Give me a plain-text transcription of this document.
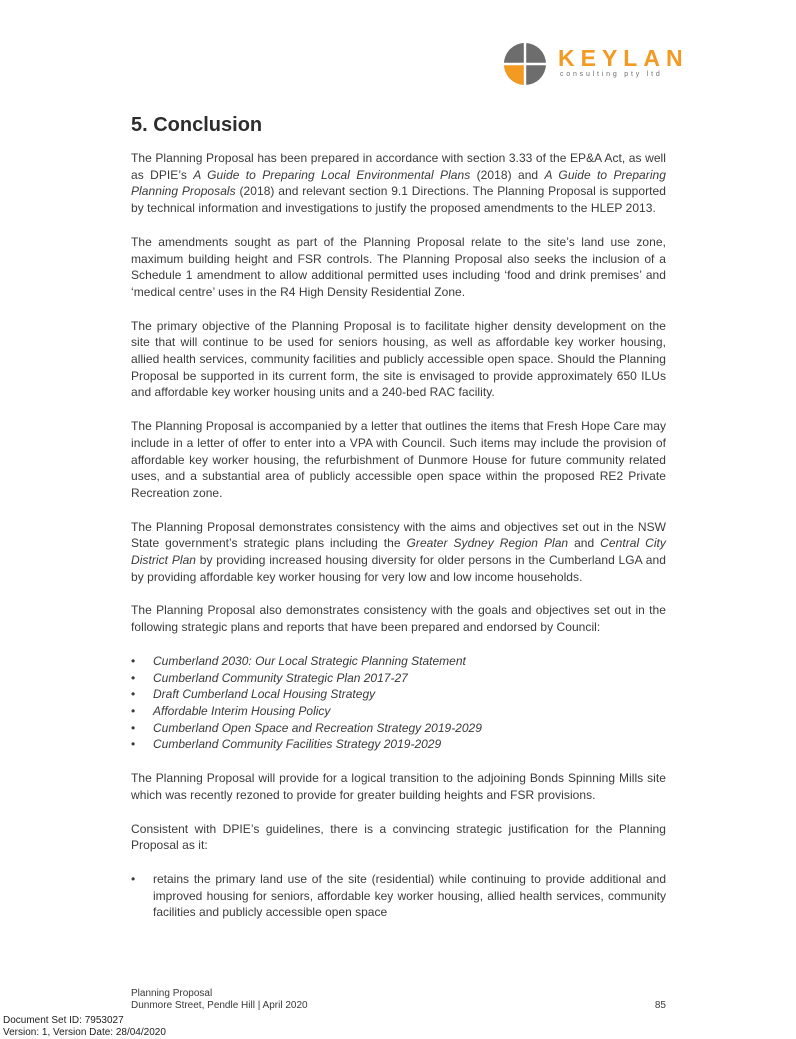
KEYLAN
consulting pty ltd
5. Conclusion

The Planning Proposal has been prepared in accordance with section 3.33 of the EP&A Act, as well as DPIE’s A Guide to Preparing Local Environmental Plans (2018) and A Guide to Preparing Planning Proposals (2018) and relevant section 9.1 Directions. The Planning Proposal is supported by technical information and investigations to justify the proposed amendments to the HLEP 2013.

The amendments sought as part of the Planning Proposal relate to the site’s land use zone, maximum building height and FSR controls. The Planning Proposal also seeks the inclusion of a Schedule 1 amendment to allow additional permitted uses including ‘food and drink premises’ and ‘medical centre’ uses in the R4 High Density Residential Zone.

The primary objective of the Planning Proposal is to facilitate higher density development on the site that will continue to be used for seniors housing, as well as affordable key worker housing, allied health services, community facilities and publicly accessible open space. Should the Planning Proposal be supported in its current form, the site is envisaged to provide approximately 650 ILUs and affordable key worker housing units and a 240-bed RAC facility.

The Planning Proposal is accompanied by a letter that outlines the items that Fresh Hope Care may include in a letter of offer to enter into a VPA with Council. Such items may include the provision of affordable key worker housing, the refurbishment of Dunmore House for future community related uses, and a substantial area of publicly accessible open space within the proposed RE2 Private Recreation zone.

The Planning Proposal demonstrates consistency with the aims and objectives set out in the NSW State government’s strategic plans including the Greater Sydney Region Plan and Central City District Plan by providing increased housing diversity for older persons in the Cumberland LGA and by providing affordable key worker housing for very low and low income households.

The Planning Proposal also demonstrates consistency with the goals and objectives set out in the following strategic plans and reports that have been prepared and endorsed by Council:

• Cumberland 2030: Our Local Strategic Planning Statement
• Cumberland Community Strategic Plan 2017-27
• Draft Cumberland Local Housing Strategy
• Affordable Interim Housing Policy
• Cumberland Open Space and Recreation Strategy 2019-2029
• Cumberland Community Facilities Strategy 2019-2029

The Planning Proposal will provide for a logical transition to the adjoining Bonds Spinning Mills site which was recently rezoned to provide for greater building heights and FSR provisions.

Consistent with DPIE’s guidelines, there is a convincing strategic justification for the Planning Proposal as it:

• retains the primary land use of the site (residential) while continuing to provide additional and improved housing for seniors, affordable key worker housing, allied health services, community facilities and publicly accessible open space
Planning Proposal
Dunmore Street, Pendle Hill | April 2020	85
Document Set ID: 7953027
Version: 1, Version Date: 28/04/2020
